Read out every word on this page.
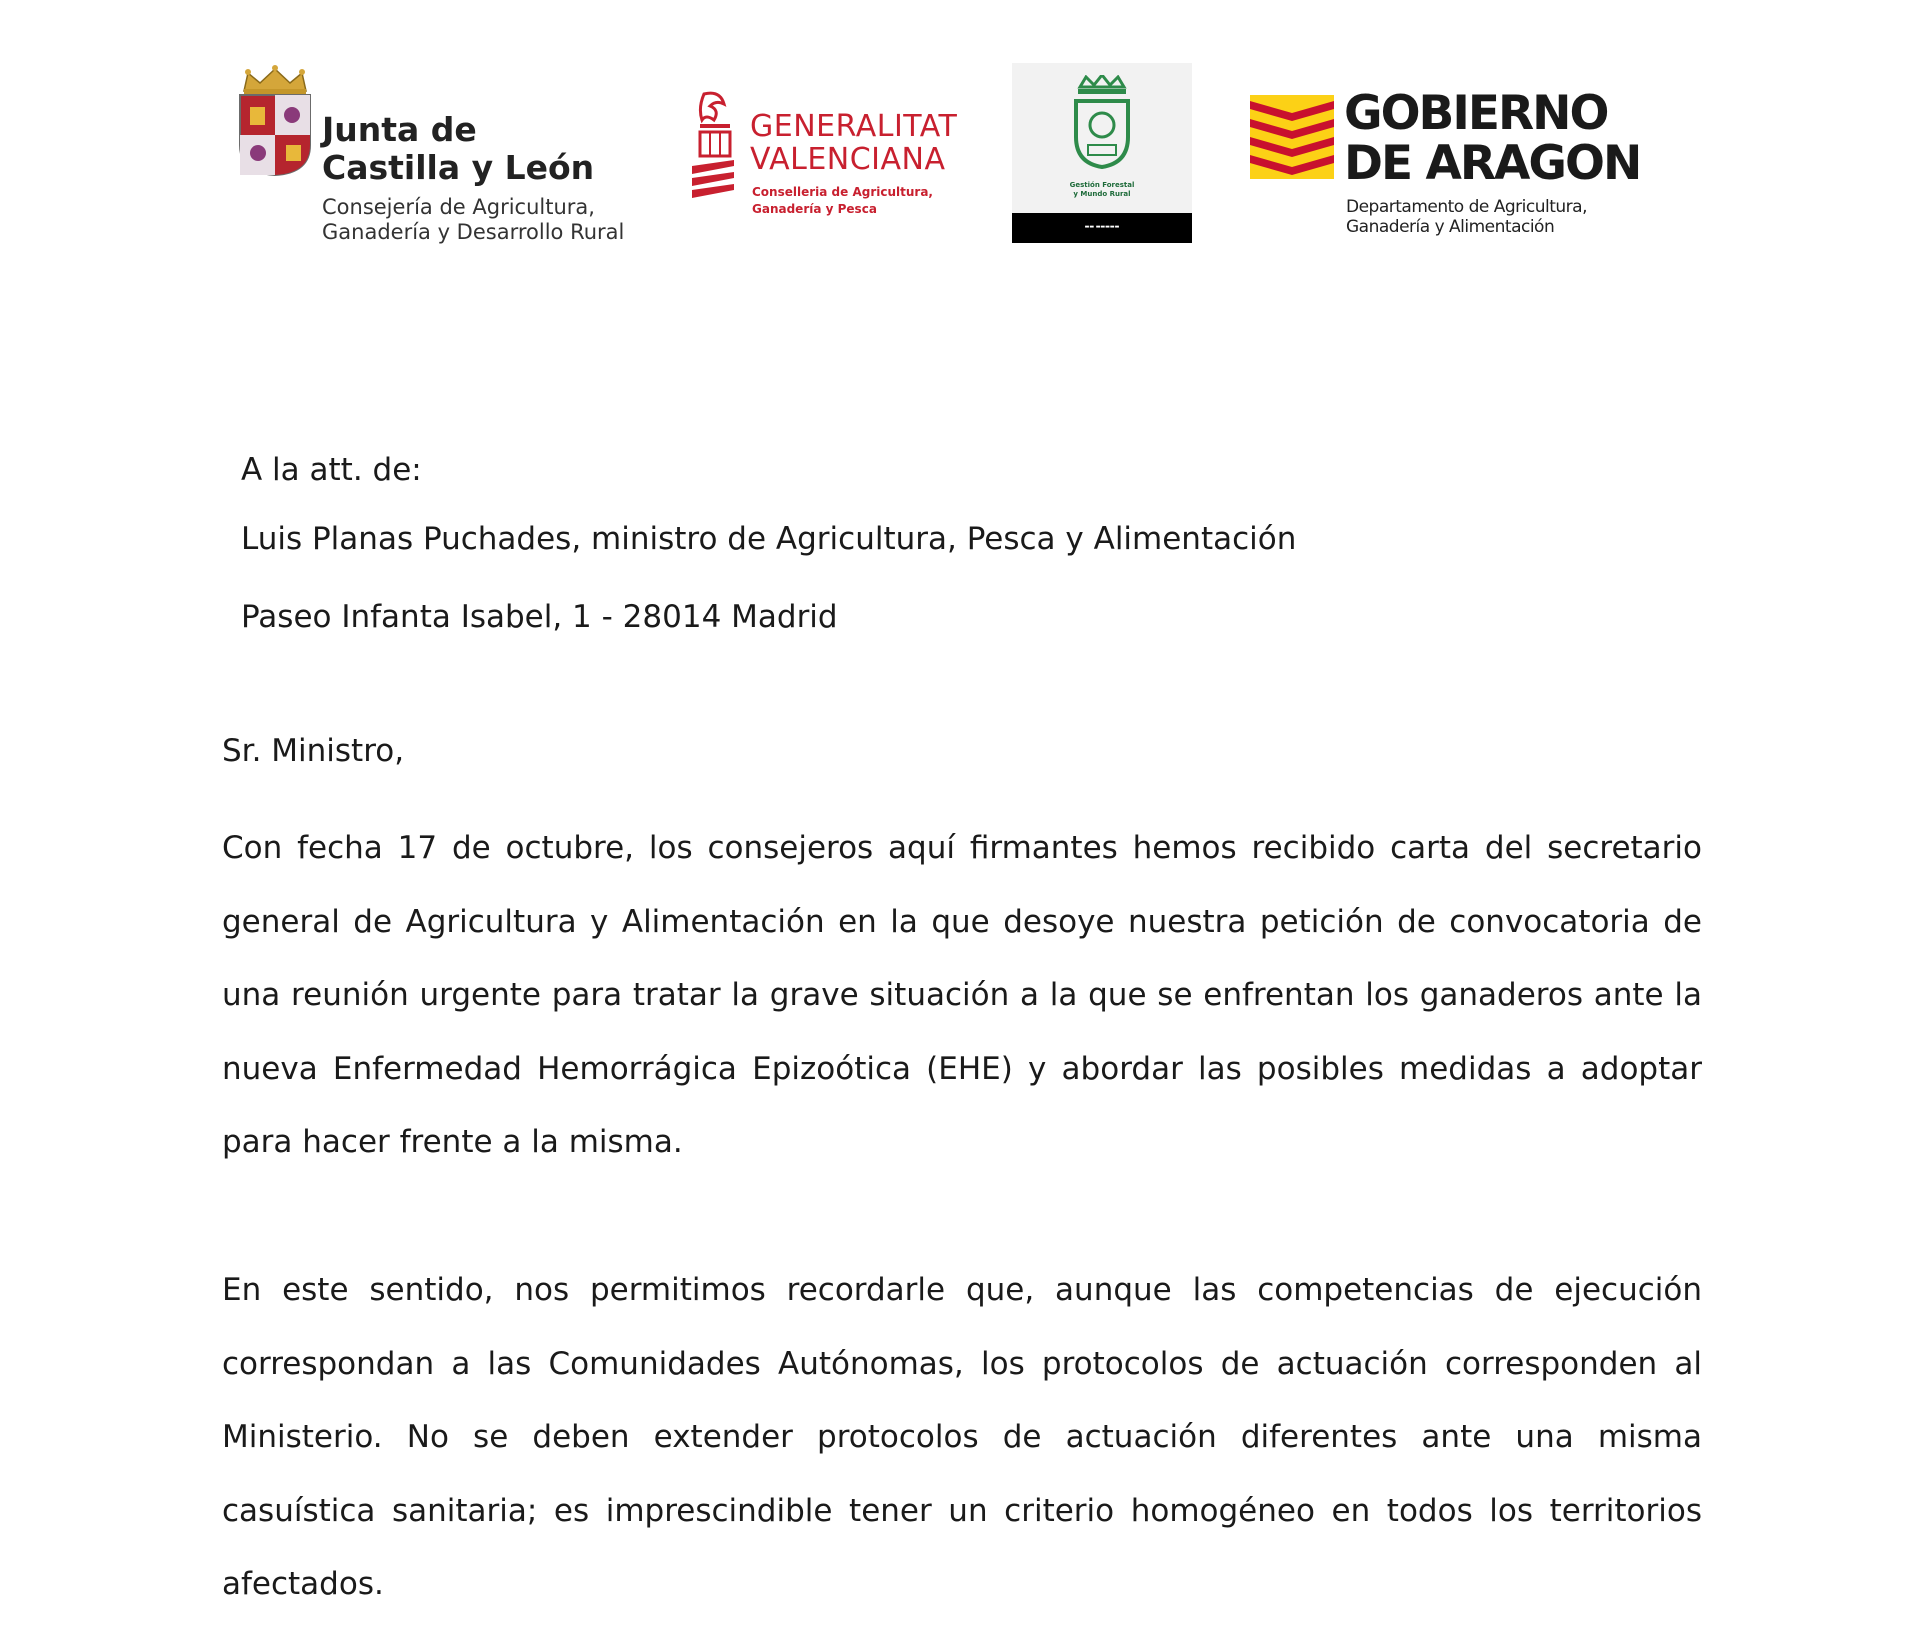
Junta de
Castilla y León
Consejería de Agricultura,
Ganadería y Desarrollo Rural
GENERALITAT
VALENCIANA
Conselleria de Agricultura,
Ganadería y Pesca
Gestión Forestal
y Mundo Rural
▬▬ ▬▬▬▬▬
GOBIERNO
DE ARAGON
Departamento de Agricultura,
Ganadería y Alimentación
A la att. de:
Luis Planas Puchades, ministro de Agricultura, Pesca y Alimentación
Paseo Infanta Isabel, 1 - 28014 Madrid
Sr. Ministro,
Con fecha 17 de octubre, los consejeros aquí firmantes hemos recibido carta del secretario general de Agricultura y Alimentación en la que desoye nuestra petición de convocatoria de una reunión urgente para tratar la grave situación a la que se enfrentan los ganaderos ante la nueva Enfermedad Hemorrágica Epizoótica (EHE) y abordar las posibles medidas a adoptar para hacer frente a la misma.
En este sentido, nos permitimos recordarle que, aunque las competencias de ejecución correspondan a las Comunidades Autónomas, los protocolos de actuación corresponden al Ministerio. No se deben extender protocolos de actuación diferentes ante una misma casuística sanitaria; es imprescindible tener un criterio homogéneo en todos los territorios afectados.
